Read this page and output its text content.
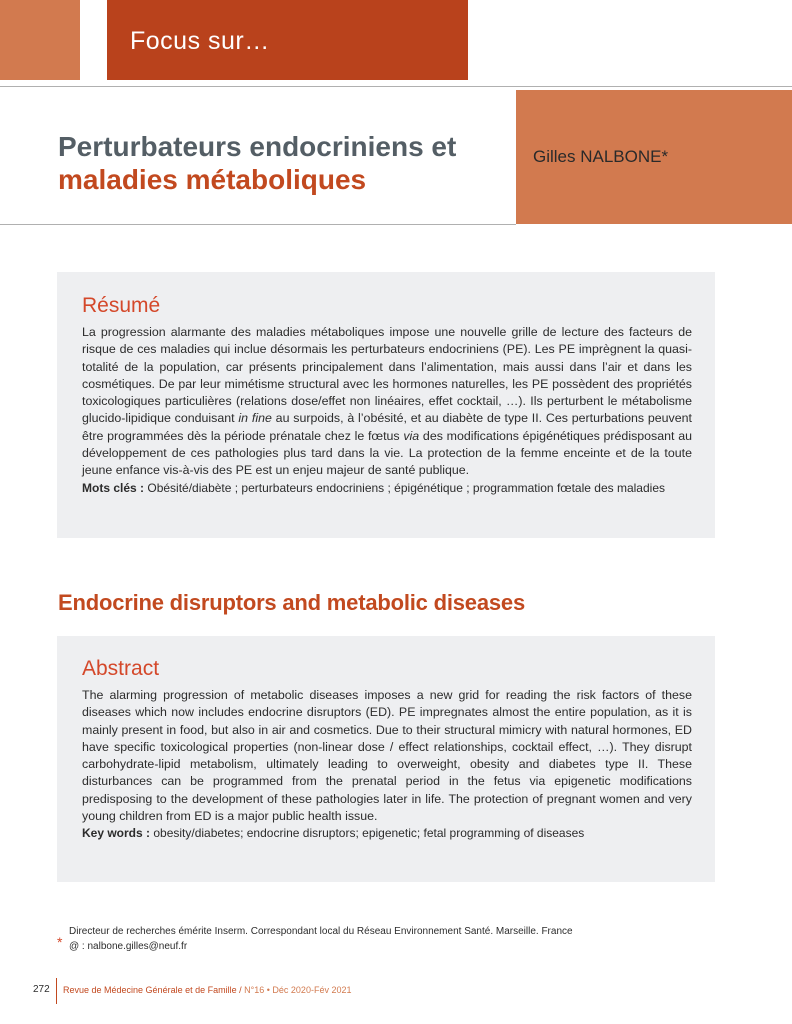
Focus sur…
Perturbateurs endocriniens et
maladies métaboliques
Gilles NALBONE*
Résumé

La progression alarmante des maladies métaboliques impose une nouvelle grille de lecture des facteurs de risque de ces maladies qui inclue désormais les perturbateurs endocriniens (PE). Les PE imprègnent la quasi-totalité de la population, car présents principalement dans l’alimentation, mais aussi dans l’air et dans les cosmétiques. De par leur mimétisme structural avec les hormones naturelles, les PE possèdent des propriétés toxicologiques particulières (relations dose/effet non linéaires, effet cocktail, …). Ils perturbent le métabolisme glucido-lipidique conduisant in fine au surpoids, à l’obésité, et au diabète de type II. Ces perturbations peuvent être programmées dès la période prénatale chez le fœtus via des modifications épigénétiques prédisposant au développement de ces pathologies plus tard dans la vie. La protection de la femme enceinte et de la toute jeune enfance vis-à-vis des PE est un enjeu majeur de santé publique.

Mots clés : Obésité/diabète ; perturbateurs endocriniens ; épigénétique ; programmation fœtale des maladies

Endocrine disruptors and metabolic diseases
Abstract

The alarming progression of metabolic diseases imposes a new grid for reading the risk factors of these diseases which now includes endocrine disruptors (ED). PE impregnates almost the entire population, as it is mainly present in food, but also in air and cosmetics. Due to their structural mimicry with natural hormones, ED have specific toxicological properties (non-linear dose / effect relationships, cocktail effect, …). They disrupt carbohydrate-lipid metabolism, ultimately leading to overweight, obesity and diabetes type II. These disturbances can be programmed from the prenatal period in the fetus via epigenetic modifications predisposing to the development of these pathologies later in life. The protection of pregnant women and very young children from ED is a major public health issue.

Key words : obesity/diabetes; endocrine disruptors; epigenetic; fetal programming of diseases

*
Directeur de recherches émérite Inserm. Correspondant local du Réseau Environnement Santé. Marseille. France
@ : nalbone.gilles@neuf.fr
272 Revue de Médecine Générale et de Famille / N°16 • Déc 2020-Fév 2021
